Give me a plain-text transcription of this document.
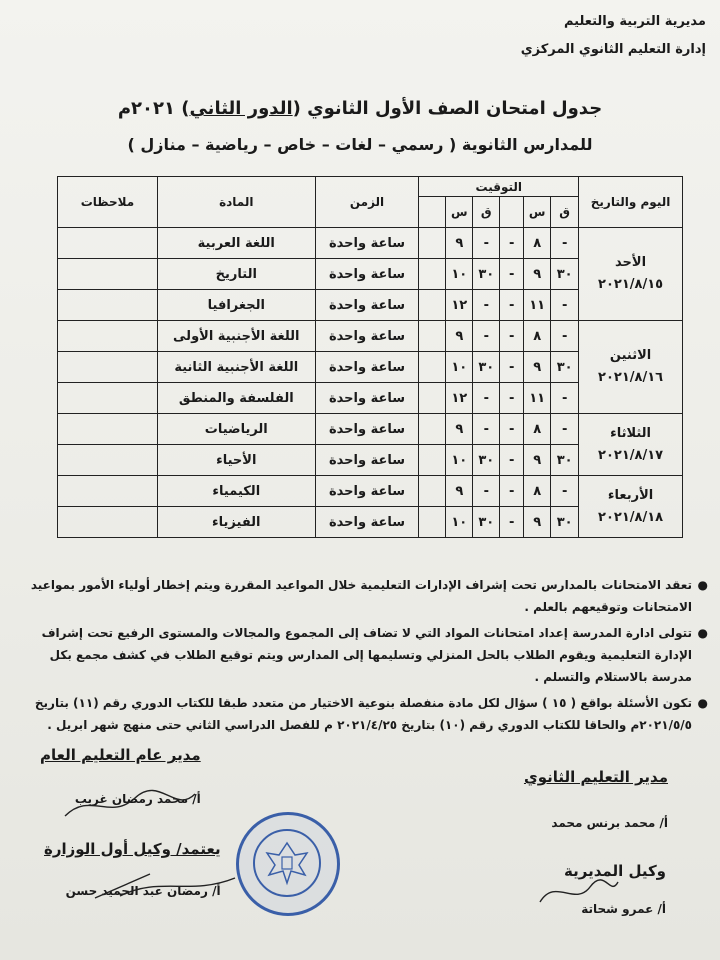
مديرية التربية والتعليم
إدارة التعليم الثانوي المركزي
جدول امتحان الصف الأول الثانوي (الدور الثاني) ٢٠٢١م
للمدارس الثانوية ( رسمي – لغات – خاص – رياضية – منازل )
اليوم والتاريخ	التوقيت						الزمن	المادة	ملاحظات
	ق	س		ق	س				

الأحد
٢٠٢١/٨/١٥	-	٨	-	-	٩		ساعة واحدة	اللغة العربية	
	٣٠	٩	-	٣٠	١٠		ساعة واحدة	التاريخ	
	-	١١	-	-	١٢		ساعة واحدة	الجغرافيا	

الاثنين
٢٠٢١/٨/١٦	-	٨	-	-	٩		ساعة واحدة	اللغة الأجنبية الأولى	
	٣٠	٩	-	٣٠	١٠		ساعة واحدة	اللغة الأجنبية الثانية	
	-	١١	-	-	١٢		ساعة واحدة	الفلسفة والمنطق	

الثلاثاء
٢٠٢١/٨/١٧	-	٨	-	-	٩		ساعة واحدة	الرياضيات	
	٣٠	٩	-	٣٠	١٠		ساعة واحدة	الأحياء	

الأربعاء
٢٠٢١/٨/١٨	-	٨	-	-	٩		ساعة واحدة	الكيمياء	
	٣٠	٩	-	٣٠	١٠		ساعة واحدة	الفيزياء	
●
تعقد الامتحانات بالمدارس تحت إشراف الإدارات التعليمية خلال المواعيد المقررة ويتم إخطار أولياء الأمور بمواعيد الامتحانات وتوقيعهم بالعلم .
●
تتولى ادارة المدرسة إعداد امتحانات المواد التي لا تضاف إلى المجموع والمجالات والمستوى الرفيع تحت إشراف الإدارة التعليمية ويقوم الطلاب بالحل المنزلي وتسليمها إلى المدارس ويتم توقيع الطلاب في كشف مجمع بكل مدرسة بالاستلام والتسلم .
●
تكون الأسئلة بواقع ( ١٥ ) سؤال لكل مادة منفصلة بنوعية الاختيار من متعدد طبقا للكتاب الدوري رقم (١١) بتاريخ ٢٠٢١/٥/٥م والحاقا للكتاب الدوري رقم (١٠) بتاريخ ٢٠٢١/٤/٢٥ م للفصل الدراسي الثاني حتى منهج شهر ابريل .
مدير عام التعليم العام
أ/ محمد رمضان غريب
يعتمد/ وكيل أول الوزارة
أ/ رمضان عبد الحميد حسن
مدير التعليم الثانوي
أ/ محمد برنس محمد
وكيل المديرية
أ/ عمرو شحاتة
